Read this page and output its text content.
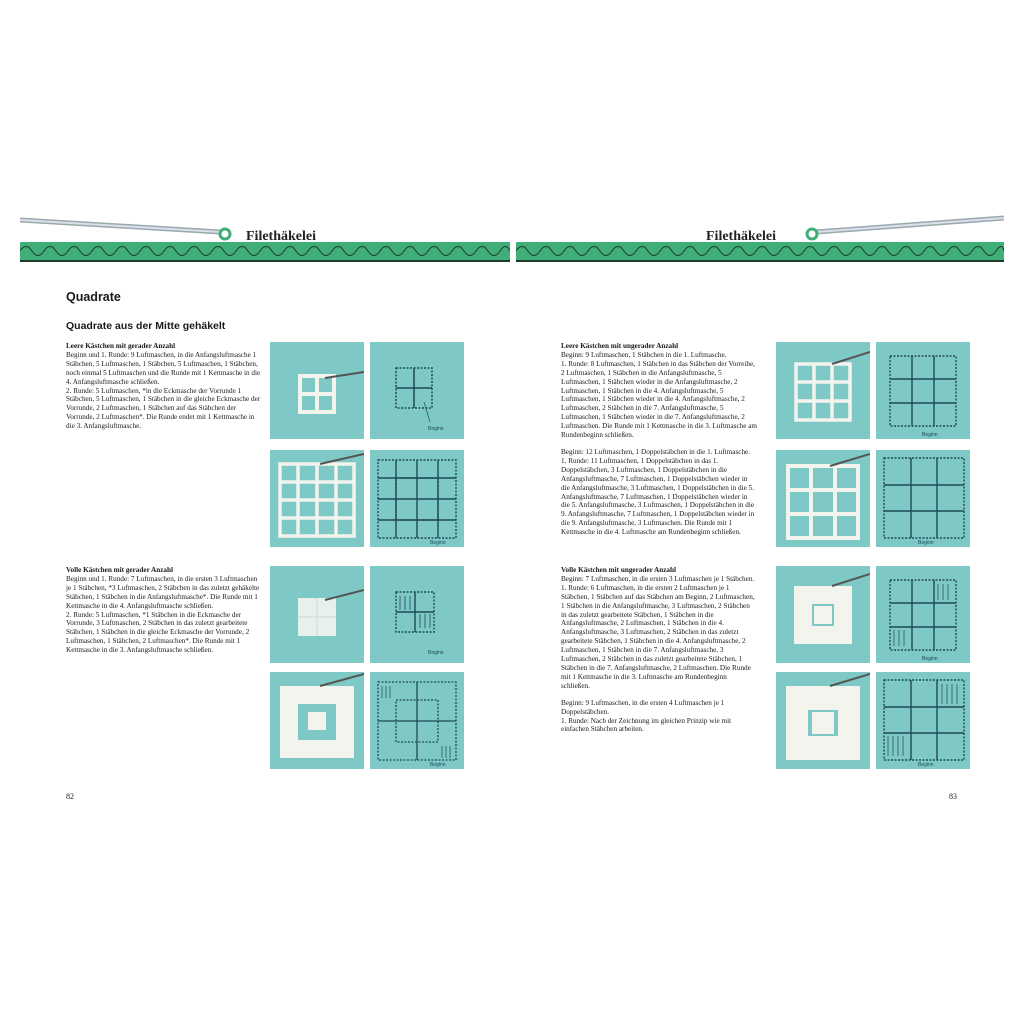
Filethäkelei	Filethäkelei
Quadrate
Quadrate aus der Mitte gehäkelt
Leere Kästchen mit gerader Anzahl

Beginn und 1. Runde: 9 Luftmaschen, in die Anfangsluftmasche 1 Stäbchen, 5 Luftmaschen, 1 Stäbchen, 5 Luftmaschen, 1 Stäbchen, noch einmal 5 Luftmaschen und die Runde mit 1 Kettmasche in die 4. Anfangsluftmasche schließen.
2. Runde: 5 Luftmaschen, *in die Eckmasche der Vorrunde 1 Stäbchen, 5 Luftmaschen, 1 Stäbchen in die gleiche Eckmasche der Vorrunde, 2 Luftmaschen, 1 Stäbchen auf das Stäbchen der Vorrunde, 2 Luftmaschen*. Die Runde endet mit 1 Kettmasche in die 3. Anfangsluftmasche.

Volle Kästchen mit gerader Anzahl

Beginn und 1. Runde: 7 Luftmaschen, in die ersten 3 Luftmaschen je 1 Stäbchen, *3 Luftmaschen, 2 Stäbchen in das zuletzt gehäkelte Stäbchen, 1 Stäbchen in die Anfangsluftmasche*. Die Runde mit 1 Kettmasche in die 4. Anfangsluftmasche schließen.
2. Runde: 5 Luftmaschen, *1 Stäbchen in die Eckmasche der Vorrunde, 3 Luftmaschen, 2 Stäbchen in das zuletzt gearbeitete Stäbchen, 1 Stäbchen in die gleiche Eckmasche der Vorrunde, 2 Luftmaschen, 1 Stäbchen, 2 Luftmaschen*. Die Runde mit 1 Kettmasche in die 3. Anfangsluftmasche schließen.

Leere Kästchen mit ungerader Anzahl

Beginn: 9 Luftmaschen, 1 Stäbchen in die 1. Luftmasche.
1. Runde: 8 Luftmaschen, 1 Stäbchen in das Stäbchen der Vorreihe, 2 Luftmaschen, 1 Stäbchen in die Anfangsluftmasche, 5 Luftmaschen, 1 Stäbchen wieder in die Anfangsluftmasche, 2 Luftmaschen, 1 Stäbchen in die 4. Anfangsluftmasche, 5 Luftmaschen, 1 Stäbchen wieder in die 4. Anfangsluftmasche, 2 Luftmaschen, 2 Stäbchen in die 7. Anfangsluftmasche, 5 Luftmaschen, 1 Stäbchen wieder in die 7. Anfangsluftmasche, 2 Luftmaschen. Die Runde mit 1 Kettmasche in die 3. Luftmasche am Rundenbeginn schließen.

Beginn: 12 Luftmaschen, 1 Doppelstäbchen in die 1. Luftmasche.
1. Runde: 11 Luftmaschen, 1 Doppelstäbchen in das 1. Doppelstäbchen, 3 Luftmaschen, 1 Doppelstäbchen in die Anfangsluftmasche, 7 Luftmaschen, 1 Doppelstäbchen wieder in die Anfangsluftmasche, 3 Luftmaschen, 1 Doppelstäbchen in die 5. Anfangsluftmasche, 7 Luftmaschen, 1 Doppelstäbchen wieder in die 5. Anfangsluftmasche, 3 Luftmaschen, 1 Doppelstäbchen in die 9. Anfangsluftmasche, 7 Luftmaschen, 1 Doppelstäbchen wieder in die 9. Anfangsluftmasche, 3 Luftmaschen. Die Runde mit 1 Kettmasche in die 4. Luftmasche am Rundenbeginn schließen.

Volle Kästchen mit ungerader Anzahl

Beginn: 7 Luftmaschen, in die ersten 3 Luftmaschen je 1 Stäbchen.
1. Runde: 6 Luftmaschen, in die ersten 2 Luftmaschen je 1 Stäbchen, 1 Stäbchen auf das Stäbchen am Beginn, 2 Luftmaschen, 1 Stäbchen in die Anfangsluftmasche, 3 Luftmaschen, 2 Stäbchen in das zuletzt gearbeitete Stäbchen, 1 Stäbchen in die Anfangsluftmasche, 2 Luftmaschen, 1 Stäbchen in die 4. Anfangsluftmasche, 3 Luftmaschen, 2 Stäbchen in das zuletzt gearbeitete Stäbchen, 1 Stäbchen in die 4. Anfangsluftmasche, 2 Luftmaschen, 1 Stäbchen in die 7. Anfangsluftmasche, 3 Luftmaschen, 2 Stäbchen in das zuletzt gearbeitete Stäbchen, 1 Stäbchen in die 7. Anfangsluftmasche, 2 Luftmaschen. Die Runde mit 1 Kettmasche in die 3. Luftmasche am Rundenbeginn schließen.

Beginn: 9 Luftmaschen, in die ersten 4 Luftmaschen je 1 Doppelstäbchen.
1. Runde: Nach der Zeichnung im gleichen Prinzip wie mit einfachen Stäbchen arbeiten.

Beginn
Beginn
Beginn
Beginn
Beginn
Beginn
Beginn
Beginn
82	83
